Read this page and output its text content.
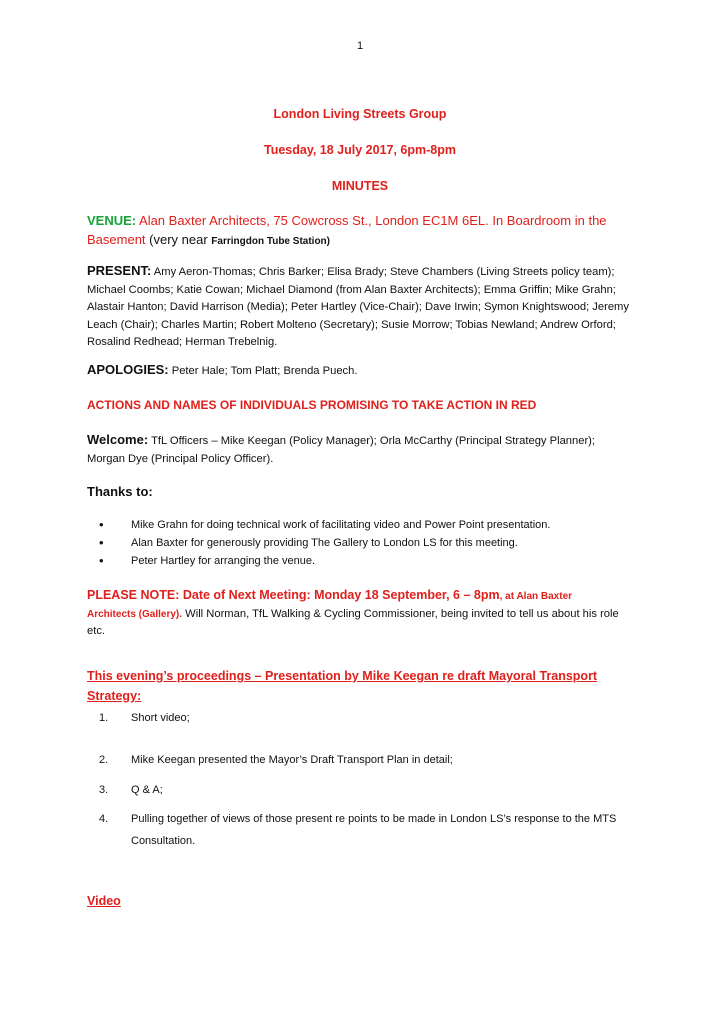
1
London Living Streets Group
Tuesday, 18 July 2017, 6pm-8pm
MINUTES
VENUE: Alan Baxter Architects, 75 Cowcross St., London EC1M 6EL. In Boardroom in the Basement (very near Farringdon Tube Station)
PRESENT: Amy Aeron-Thomas; Chris Barker; Elisa Brady; Steve Chambers (Living Streets policy team); Michael Coombs; Katie Cowan; Michael Diamond (from Alan Baxter Architects); Emma Griffin; Mike Grahn; Alastair Hanton; David Harrison (Media); Peter Hartley (Vice-Chair); Dave Irwin; Symon Knightswood; Jeremy Leach (Chair); Charles Martin; Robert Molteno (Secretary); Susie Morrow; Tobias Newland; Andrew Orford; Rosalind Redhead; Herman Trebelnig.
APOLOGIES: Peter Hale; Tom Platt; Brenda Puech.
ACTIONS AND NAMES OF INDIVIDUALS PROMISING TO TAKE ACTION IN RED
Welcome: TfL Officers – Mike Keegan (Policy Manager); Orla McCarthy (Principal Strategy Planner); Morgan Dye (Principal Policy Officer).
Thanks to:
• Mike Grahn for doing technical work of facilitating video and Power Point presentation.
• Alan Baxter for generously providing The Gallery to London LS for this meeting.
• Peter Hartley for arranging the venue.
PLEASE NOTE: Date of Next Meeting: Monday 18 September, 6 – 8pm, at Alan Baxter
Architects (Gallery). Will Norman, TfL Walking & Cycling Commissioner, being invited to tell us about his role etc.
This evening’s proceedings – Presentation by Mike Keegan re draft Mayoral Transport Strategy:
1. Short video;
2. Mike Keegan presented the Mayor’s Draft Transport Plan in detail;
3. Q & A;
4. Pulling together of views of those present re points to be made in London LS’s response to the MTS Consultation.
Video
